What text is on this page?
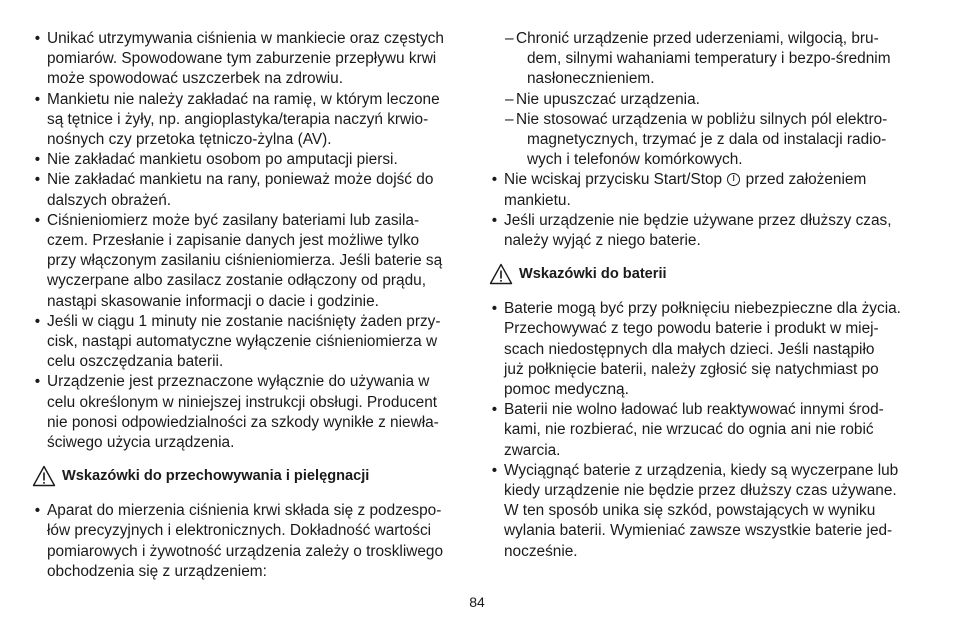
• Unikać utrzymywania ciśnienia w mankiecie oraz częstych
pomiarów. Spowodowane tym zaburzenie przepływu krwi
może spowodować uszczerbek na zdrowiu.
• Mankietu nie należy zakładać na ramię, w którym leczone
są tętnice i żyły, np. angioplastyka/terapia naczyń krwio-
nośnych czy przetoka tętniczo-żylna (AV).
• Nie zakładać mankietu osobom po amputacji piersi.
• Nie zakładać mankietu na rany, ponieważ może dojść do
dalszych obrażeń.
• Ciśnieniomierz może być zasilany bateriami lub zasila-
czem. Przesłanie i zapisanie danych jest możliwe tylko
przy włączonym zasilaniu ciśnieniomierza. Jeśli baterie są
wyczerpane albo zasilacz zostanie odłączony od prądu,
nastąpi skasowanie informacji o dacie i godzinie.
• Jeśli w ciągu 1 minuty nie zostanie naciśnięty żaden przy-
cisk, nastąpi automatyczne wyłączenie ciśnieniomierza w
celu oszczędzania baterii.
• Urządzenie jest przeznaczone wyłącznie do używania w
celu określonym w niniejszej instrukcji obsługi. Producent
nie ponosi odpowiedzialności za szkody wynikłe z niewła-
ściwego użycia urządzenia.
Wskazówki do przechowywania i pielęgnacji
• Aparat do mierzenia ciśnienia krwi składa się z podzespo-
łów precyzyjnych i elektronicznych. Dokładność wartości
pomiarowych i żywotność urządzenia zależy o troskliwego
obchodzenia się z urządzeniem:
– Chronić urządzenie przed uderzeniami, wilgocią, bru-
dem, silnymi wahaniami temperatury i bezpo-średnim
nasłonecznieniem.
– Nie upuszczać urządzenia.
– Nie stosować urządzenia w pobliżu silnych pól elektro-
magnetycznych, trzymać je z dala od instalacji radio-
wych i telefonów komórkowych.
• Nie wciskaj przycisku Start/Stop przed założeniem
mankietu.
• Jeśli urządzenie nie będzie używane przez dłuższy czas,
należy wyjąć z niego baterie.
Wskazówki do baterii
• Baterie mogą być przy połknięciu niebezpieczne dla życia.
Przechowywać z tego powodu baterie i produkt w miej-
scach niedostępnych dla małych dzieci. Jeśli nastąpiło
już połknięcie baterii, należy zgłosić się natychmiast po
pomoc medyczną.
• Baterii nie wolno ładować lub reaktywować innymi środ-
kami, nie rozbierać, nie wrzucać do ognia ani nie robić
zwarcia.
• Wyciągnąć baterie z urządzenia, kiedy są wyczerpane lub
kiedy urządzenie nie będzie przez dłuższy czas używane.
W ten sposób unika się szkód, powstających w wyniku
wylania baterii. Wymieniać zawsze wszystkie baterie jed-
nocześnie.
84
